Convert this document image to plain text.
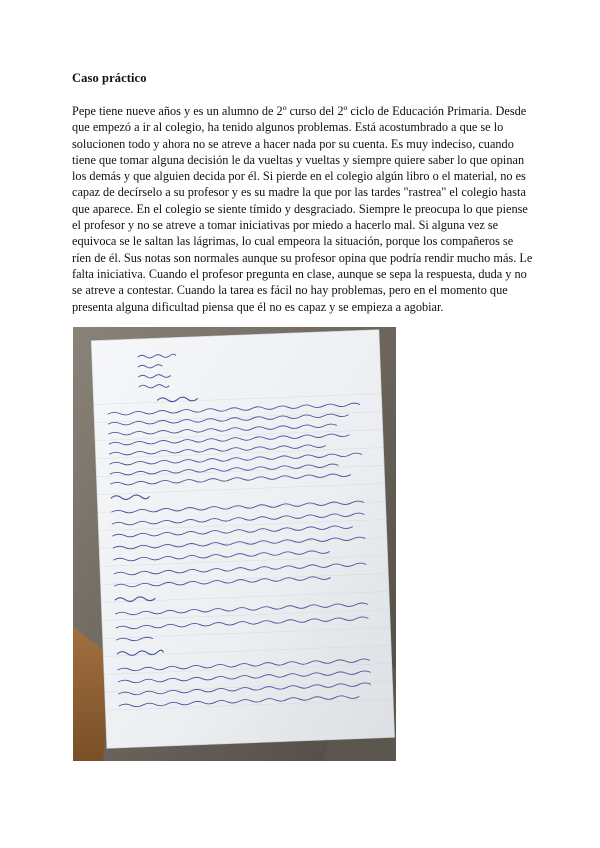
Caso práctico
Pepe tiene nueve años y es un alumno de 2º curso del 2º ciclo de Educación Primaria. Desde
que empezó a ir al colegio, ha tenido algunos problemas. Está acostumbrado a que se lo
solucionen todo y ahora no se atreve a hacer nada por su cuenta. Es muy indeciso, cuando
tiene que tomar alguna decisión le da vueltas y vueltas y siempre quiere saber lo que opinan
los demás y que alguien decida por él. Si pierde en el colegio algún libro o el material, no es
capaz de decírselo a su profesor y es su madre la que por las tardes "rastrea" el colegio hasta
que aparece. En el colegio se siente tímido y desgraciado. Siempre le preocupa lo que piense
el profesor y no se atreve a tomar iniciativas por miedo a hacerlo mal. Si alguna vez se
equivoca se le saltan las lágrimas, lo cual empeora la situación, porque los compañeros se
ríen de él. Sus notas son normales aunque su profesor opina que podría rendir mucho más. Le
falta iniciativa. Cuando el profesor pregunta en clase, aunque se sepa la respuesta, duda y no
se atreve a contestar. Cuando la tarea es fácil no hay problemas, pero en el momento que
presenta alguna dificultad piensa que él no es capaz y se empieza a agobiar.
